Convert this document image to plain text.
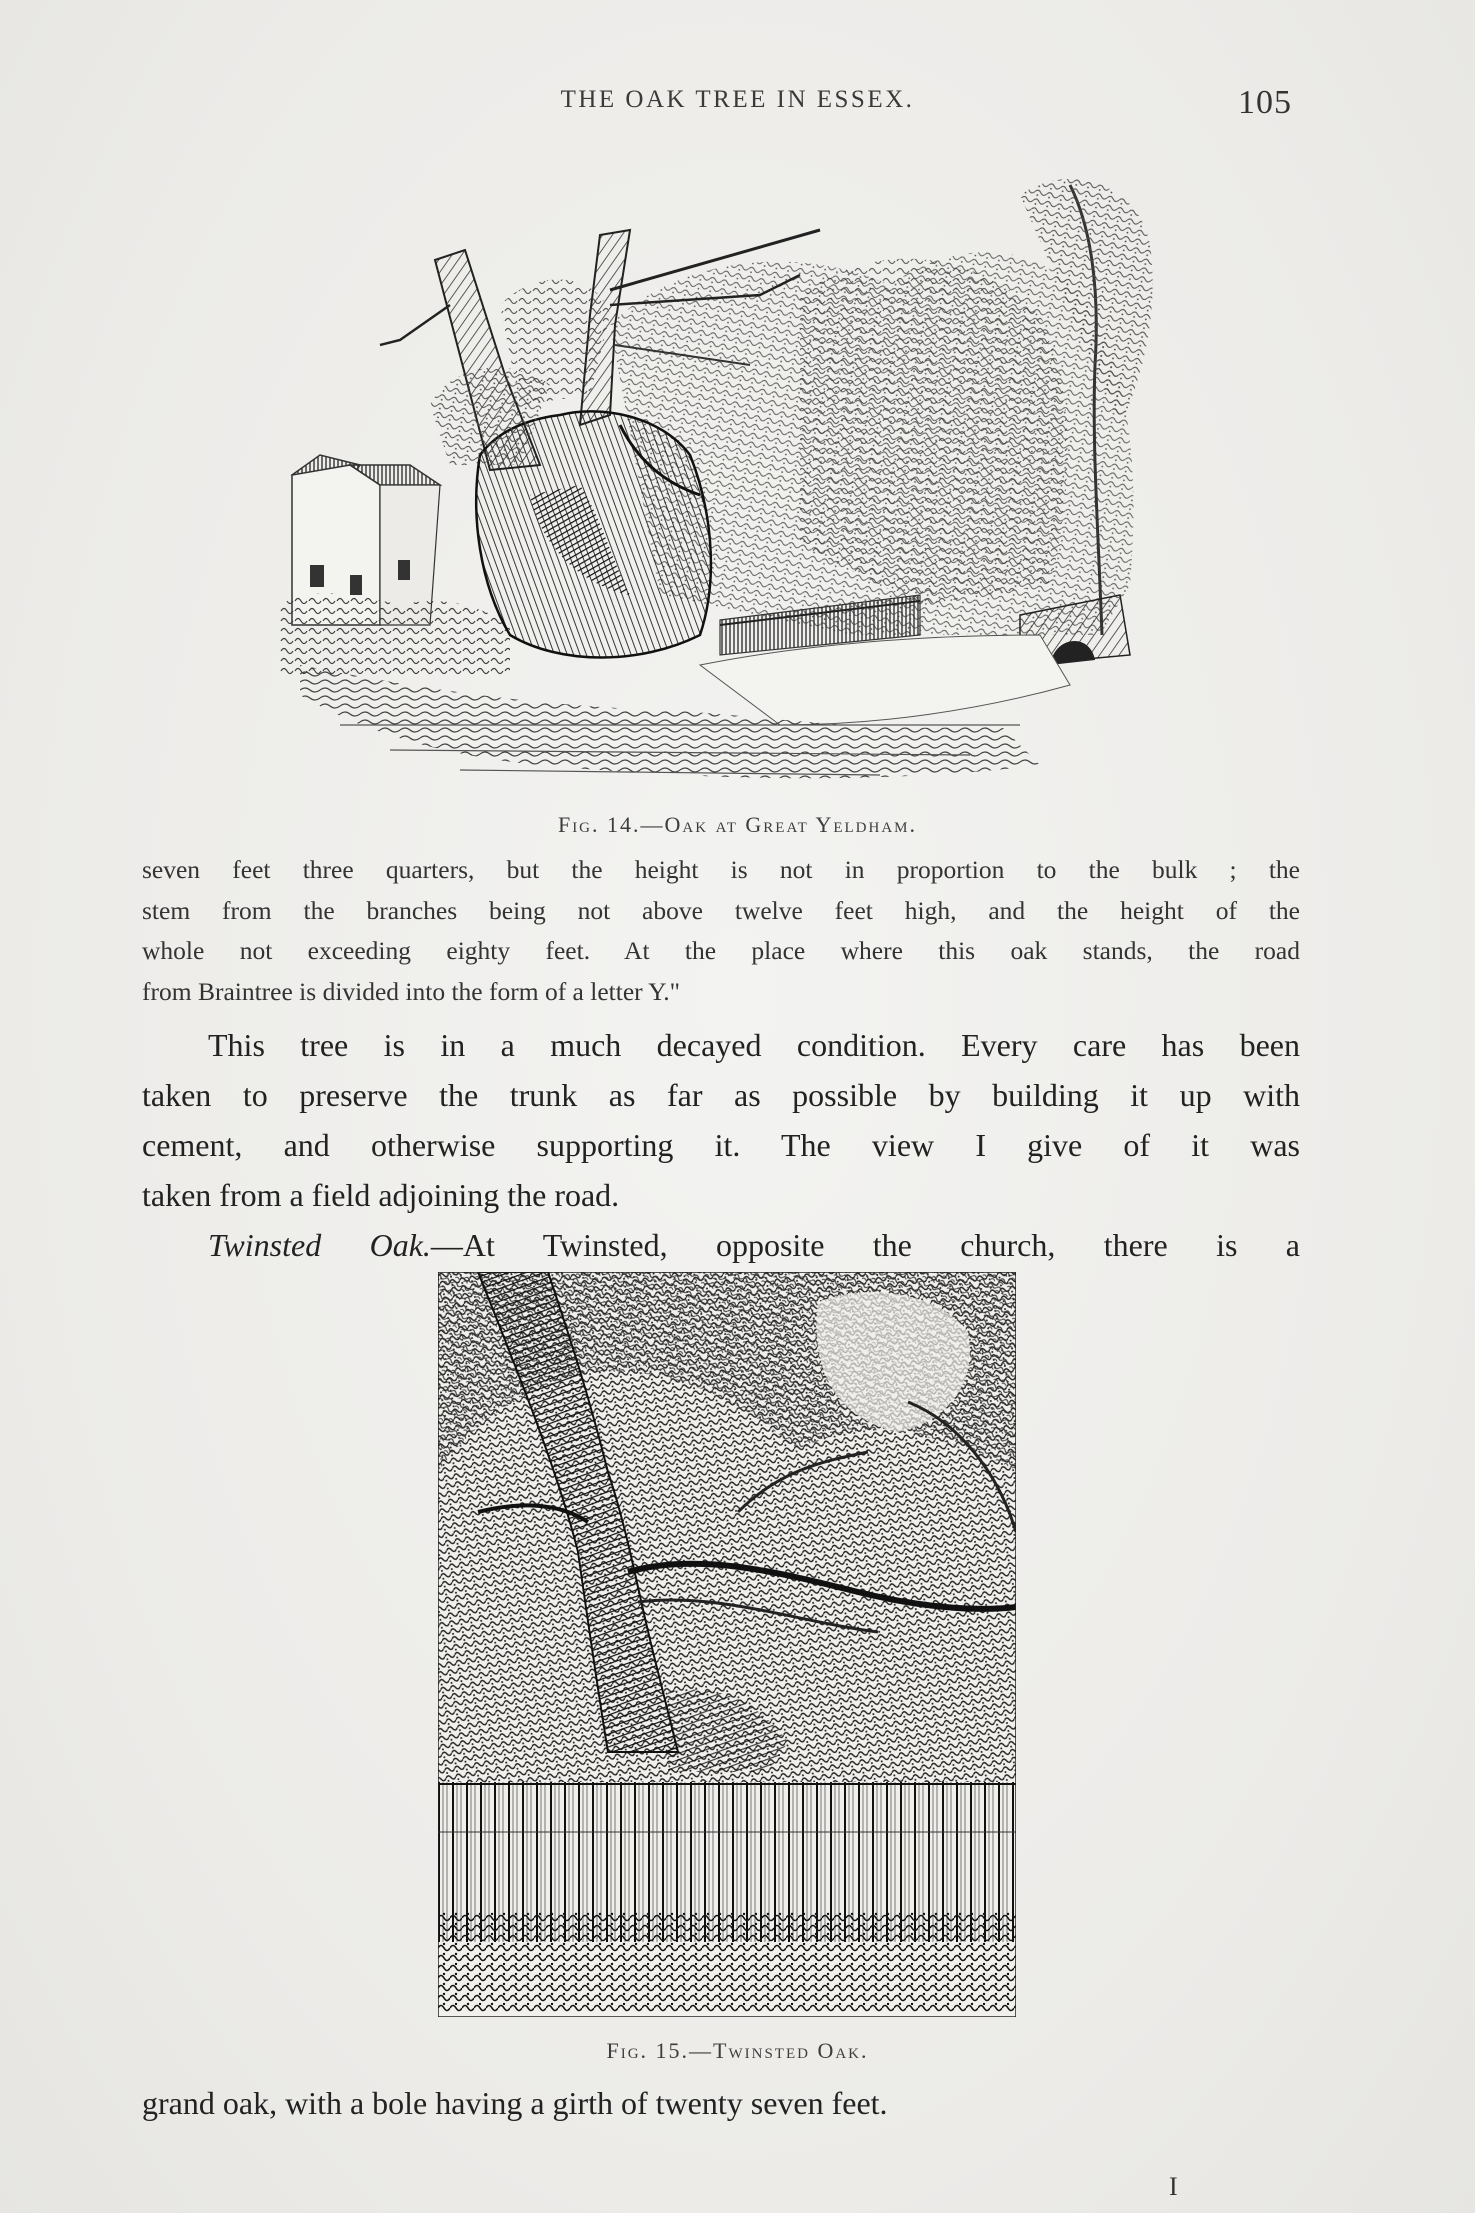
THE OAK TREE IN ESSEX.	105
Fig. 14.—Oak at Great Yeldham.
seven feet three quarters, but the height is not in proportion to the bulk ; the
stem from the branches being not above twelve feet high, and the height of the
whole not exceeding eighty feet. At the place where this oak stands, the road
from Braintree is divided into the form of a letter Y."
This tree is in a much decayed condition. Every care has been
taken to preserve the trunk as far as possible by building it up with
cement, and otherwise supporting it. The view I give of it was
taken from a field adjoining the road.
Twinsted Oak.—At Twinsted, opposite the church, there is a
Fig. 15.—Twinsted Oak.
grand oak, with a bole having a girth of twenty seven feet.
I
